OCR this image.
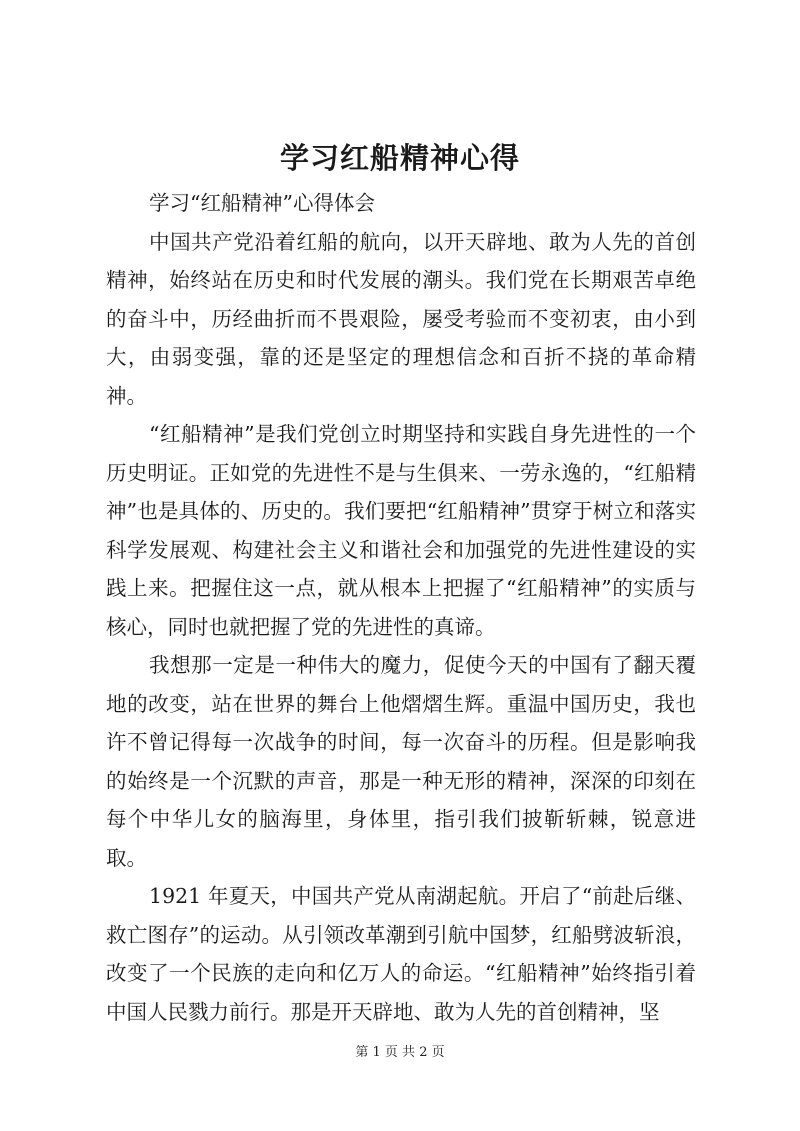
学习红船精神心得

学习“红船精神”心得体会

中国共产党沿着红船的航向，以开天辟地、敢为人先的首创精神，始终站在历史和时代发展的潮头。我们党在长期艰苦卓绝的奋斗中，历经曲折而不畏艰险，屡受考验而不变初衷，由小到大，由弱变强，靠的还是坚定的理想信念和百折不挠的革命精神。

“红船精神”是我们党创立时期坚持和实践自身先进性的一个历史明证。正如党的先进性不是与生俱来、一劳永逸的，“红船精神”也是具体的、历史的。我们要把“红船精神”贯穿于树立和落实科学发展观、构建社会主义和谐社会和加强党的先进性建设的实践上来。把握住这一点，就从根本上把握了“红船精神”的实质与核心，同时也就把握了党的先进性的真谛。

我想那一定是一种伟大的魔力，促使今天的中国有了翻天覆地的改变，站在世界的舞台上他熠熠生辉。重温中国历史，我也许不曾记得每一次战争的时间，每一次奋斗的历程。但是影响我的始终是一个沉默的声音，那是一种无形的精神，深深的印刻在每个中华儿女的脑海里，身体里，指引我们披靳斩棘，锐意进取。

1921 年夏天，中国共产党从南湖起航。开启了“前赴后继、救亡图存”的运动。从引领改革潮到引航中国梦，红船劈波斩浪，改变了一个民族的走向和亿万人的命运。“红船精神”始终指引着中国人民戮力前行。那是开天辟地、敢为人先的首创精神，坚

第 1 页 共 2 页
